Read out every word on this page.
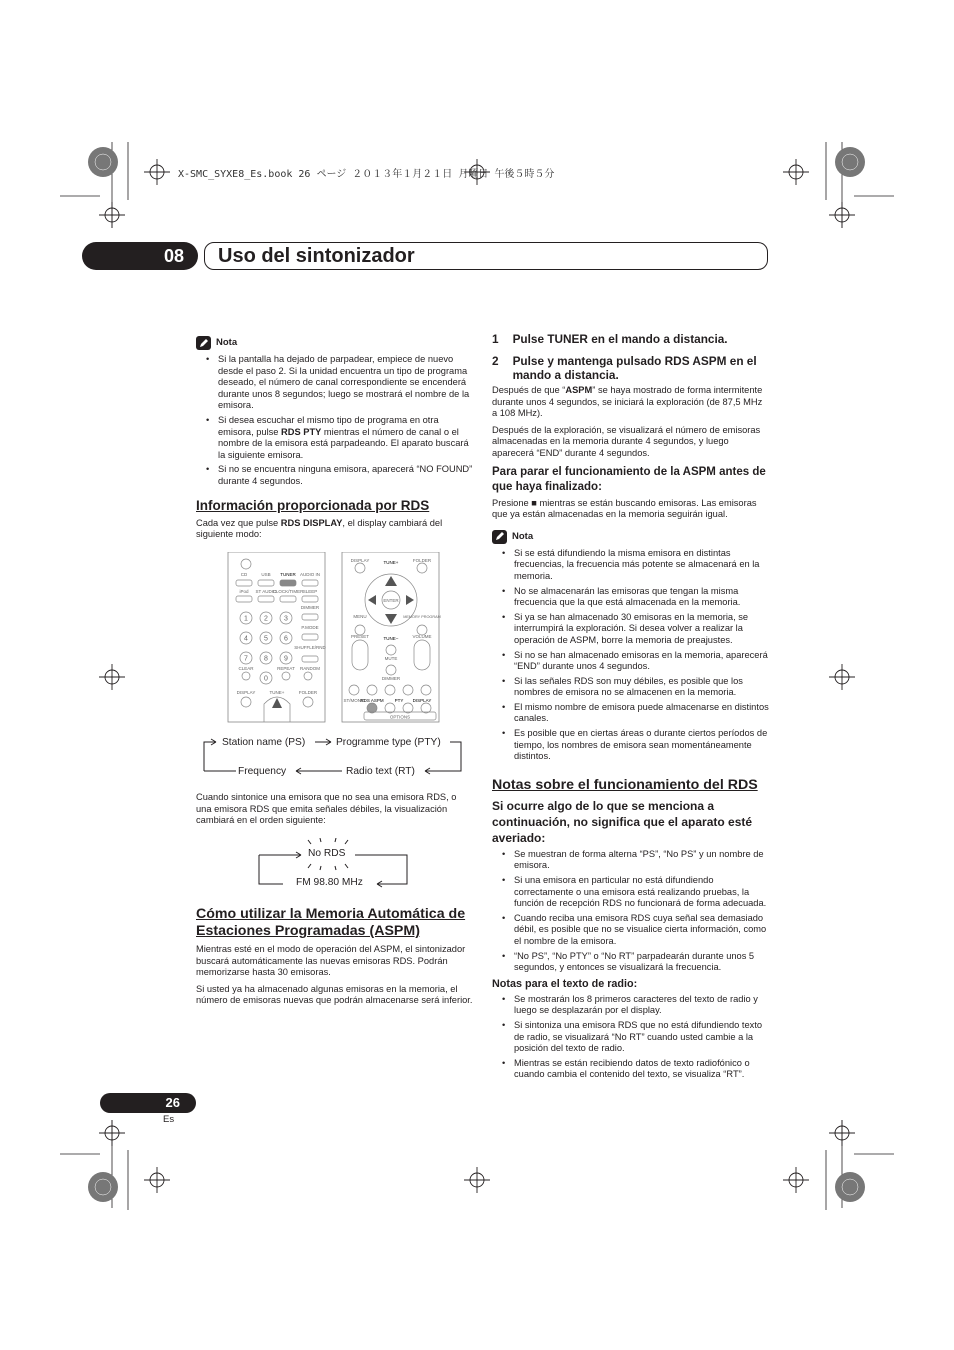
X-SMC_SYXE8_Es.book 26 ページ ２０１３年１月２１日 月曜日 午後５時５分
08	Uso del sintonizador
Nota
• Si la pantalla ha dejado de parpadear, empiece de nuevo desde el paso 2. Si la unidad encuentra un tipo de programa deseado, el número de canal correspondiente se encenderá durante unos 8 segundos; luego se mostrará el nombre de la emisora.
• Si desea escuchar el mismo tipo de programa en otra emisora, pulse RDS PTY mientras el número de canal o el nombre de la emisora está parpadeando. El aparato buscará la siguiente emisora.
• Si no se encuentra ninguna emisora, aparecerá “NO FOUND” durante 4 segundos.
Información proporcionada por RDS

Cada vez que pulse RDS DISPLAY, el display cambiará del siguiente modo:

CD	USB TUNER AUDIO IN
iPod ST AUDIO
CLOCK/TIMER SLEEP
DIMMER
1 2 3
4 5 6
7 8 9
0
P.MODE
SHUFFLE/RND
CLEAR	REPEAT RANDOM
DISPLAY	TUNE+	FOLDER
DISPLAY	TUNE+	FOLDER
ENTER
MENU	MEMORY PROGRAM
PRESET	TUNE−	VOLUME
MUTE
DIMMER
ST/MONO
RDS ASPM PTY DISPLAY
OPTIONS
Station name (PS)	Programme type (PTY)
Frequency	Radio text (RT)
Cuando sintonice una emisora que no sea una emisora RDS, o una emisora RDS que emita señales débiles, la visualización cambiará en el orden siguiente:
No RDS
FM 98.80 MHz
Cómo utilizar la Memoria Automática de Estaciones Programadas (ASPM)

Mientras esté en el modo de operación del ASPM, el sintonizador buscará automáticamente las nuevas emisoras RDS. Podrán memorizarse hasta 30 emisoras.

Si usted ya ha almacenado algunas emisoras en la memoria, el número de emisoras nuevas que podrán almacenarse será inferior.

1 Pulse TUNER en el mando a distancia.
2 Pulse y mantenga pulsado RDS ASPM en el mando a distancia.

Después de que “ASPM” se haya mostrado de forma intermitente durante unos 4 segundos, se iniciará la exploración (de 87,5 MHz a 108 MHz).

Después de la exploración, se visualizará el número de emisoras almacenadas en la memoria durante 4 segundos, y luego aparecerá “END” durante 4 segundos.

Para parar el funcionamiento de la ASPM antes de que haya finalizado:

Presione ■ mientras se están buscando emisoras. Las emisoras que ya están almacenadas en la memoria seguirán igual.

Nota
• Si se está difundiendo la misma emisora en distintas frecuencias, la frecuencia más potente se almacenará en la memoria.
• No se almacenarán las emisoras que tengan la misma frecuencia que la que está almacenada en la memoria.
• Si ya se han almacenado 30 emisoras en la memoria, se interrumpirá la exploración. Si desea volver a realizar la operación de ASPM, borre la memoria de preajustes.
• Si no se han almacenado emisoras en la memoria, aparecerá “END” durante unos 4 segundos.
• Si las señales RDS son muy débiles, es posible que los nombres de emisora no se almacenen en la memoria.
• El mismo nombre de emisora puede almacenarse en distintos canales.
• Es posible que en ciertas áreas o durante ciertos períodos de tiempo, los nombres de emisora sean momentáneamente distintos.
Notas sobre el funcionamiento del RDS
Si ocurre algo de lo que se menciona a continuación, no significa que el aparato esté averiado:
• Se muestran de forma alterna “PS”, “No PS” y un nombre de emisora.
• Si una emisora en particular no está difundiendo correctamente o una emisora está realizando pruebas, la función de recepción RDS no funcionará de forma adecuada.
• Cuando reciba una emisora RDS cuya señal sea demasiado débil, es posible que no se visualice cierta información, como el nombre de la emisora.
• “No PS”, “No PTY” o “No RT” parpadearán durante unos 5 segundos, y entonces se visualizará la frecuencia.
Notas para el texto de radio:
• Se mostrarán los 8 primeros caracteres del texto de radio y luego se desplazarán por el display.
• Si sintoniza una emisora RDS que no está difundiendo texto de radio, se visualizará “No RT” cuando usted cambie a la posición del texto de radio.
• Mientras se están recibiendo datos de texto radiofónico o cuando cambia el contenido del texto, se visualiza “RT”.
26
Es
